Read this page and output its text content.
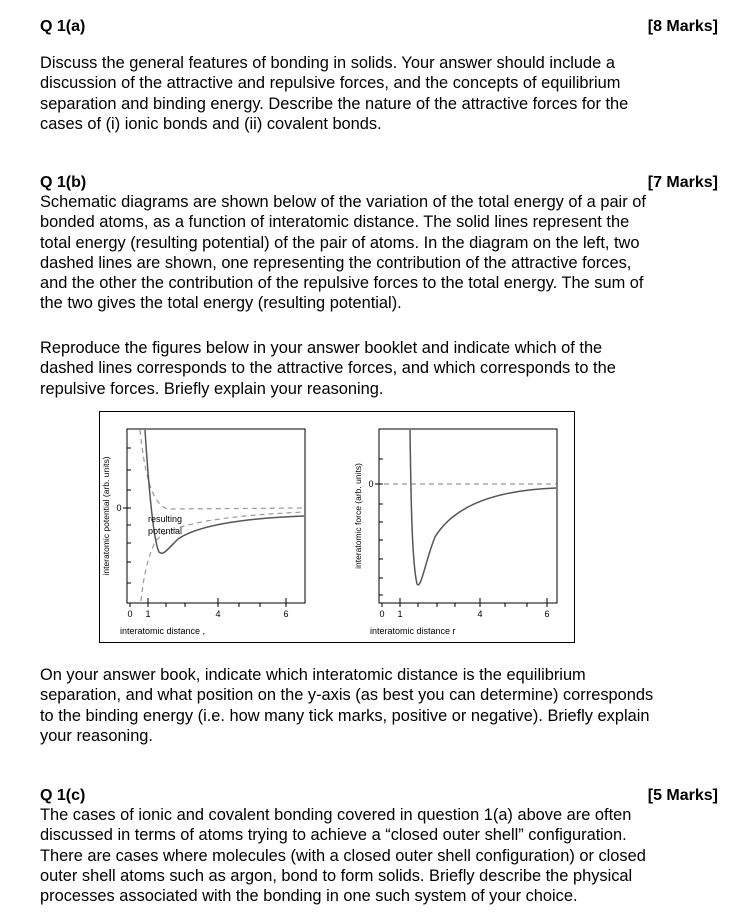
Q 1(a)	[8 Marks]

Discuss the general features of bonding in solids. Your answer should include a
discussion of the attractive and repulsive forces, and the concepts of equilibrium
separation and binding energy. Describe the nature of the attractive forces for the
cases of (i) ionic bonds and (ii) covalent bonds.

Q 1(b)	[7 Marks]

Schematic diagrams are shown below of the variation of the total energy of a pair of
bonded atoms, as a function of interatomic distance. The solid lines represent the
total energy (resulting potential) of the pair of atoms. In the diagram on the left, two
dashed lines are shown, one representing the contribution of the attractive forces,
and the other the contribution of the repulsive forces to the total energy. The sum of
the two gives the total energy (resulting potential).

Reproduce the figures below in your answer booklet and indicate which of the
dashed lines corresponds to the attractive forces, and which corresponds to the
repulsive forces. Briefly explain your reasoning.

0
0 1	4	6
interatomic potential (arb. units)
interatomic distance ,
resulting
potential
0
0 1	4	6
interatomic force (arb. units)
interatomic distance r

On your answer book, indicate which interatomic distance is the equilibrium
separation, and what position on the y-axis (as best you can determine) corresponds
to the binding energy (i.e. how many tick marks, positive or negative). Briefly explain
your reasoning.

Q 1(c)	[5 Marks]

The cases of ionic and covalent bonding covered in question 1(a) above are often
discussed in terms of atoms trying to achieve a “closed outer shell” configuration.
There are cases where molecules (with a closed outer shell configuration) or closed
outer shell atoms such as argon, bond to form solids. Briefly describe the physical
processes associated with the bonding in one such system of your choice.
